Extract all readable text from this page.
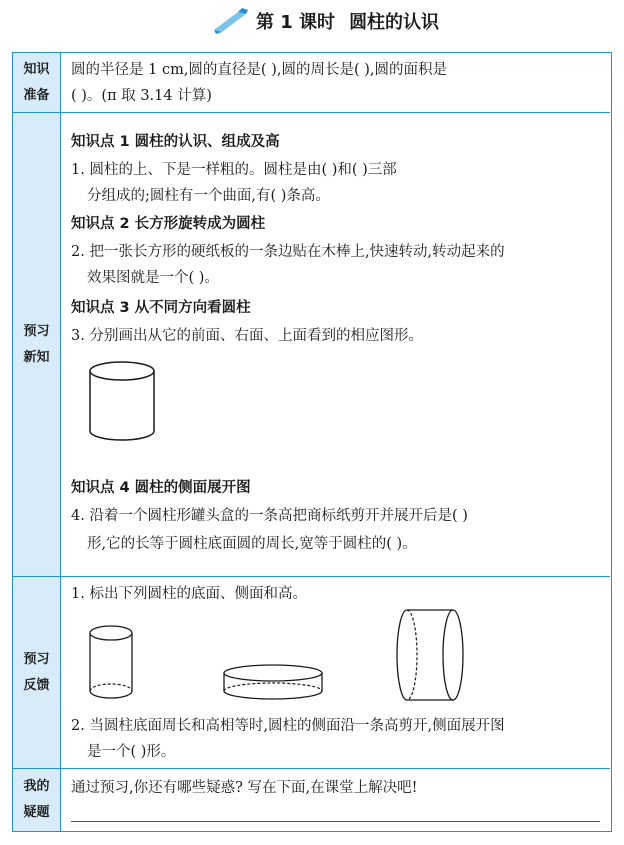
第 1 课时 圆柱的认识
知识
准备
圆的半径是 1 cm,圆的直径是( ),圆的周长是( ),圆的面积是
( )。(π 取 3.14 计算)
预习
新知
知识点 1 圆柱的认识、组成及高
1. 圆柱的上、下是一样粗的。圆柱是由( )和( )三部
分组成的;圆柱有一个曲面,有( )条高。
知识点 2 长方形旋转成为圆柱
2. 把一张长方形的硬纸板的一条边贴在木棒上,快速转动,转动起来的
效果图就是一个( )。
知识点 3 从不同方向看圆柱
3. 分别画出从它的前面、右面、上面看到的相应图形。
知识点 4 圆柱的侧面展开图
4. 沿着一个圆柱形罐头盒的一条高把商标纸剪开并展开后是( )
形,它的长等于圆柱底面圆的周长,宽等于圆柱的( )。
预习
反馈
1. 标出下列圆柱的底面、侧面和高。
2. 当圆柱底面周长和高相等时,圆柱的侧面沿一条高剪开,侧面展开图
是一个( )形。
我的
疑题
通过预习,你还有哪些疑惑? 写在下面,在课堂上解决吧!
